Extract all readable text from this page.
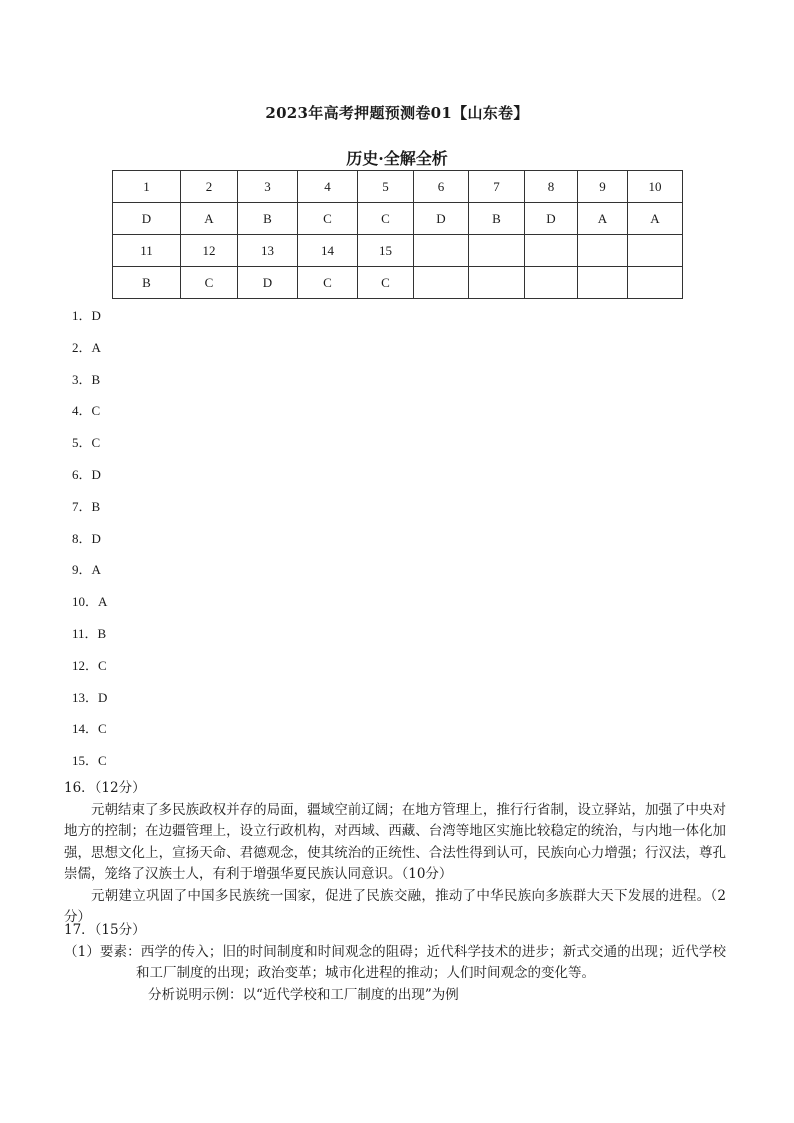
2023年高考押题预测卷01【山东卷】
历史·全解全析
1	2	3	4	5	6	7	8	9	10
D	A	B	C	C	D	B	D	A	A
11	12	13	14	15					
B	C	D	C	C					
1．D
2．A
3．B
4．C
5．C
6．D
7．B
8．D
9．A
10．A
11．B
12．C
13．D
14．C
15．C

16．（12分）

元朝结束了多民族政权并存的局面，疆域空前辽阔；在地方管理上，推行行省制，设立驿站，加强了中央对地方的控制；在边疆管理上，设立行政机构，对西域、西藏、台湾等地区实施比较稳定的统治，与内地一体化加强，思想文化上，宣扬天命、君德观念，使其统治的正统性、合法性得到认可，民族向心力增强；行汉法，尊孔崇儒，笼络了汉族士人，有利于增强华夏民族认同意识。（10分）

元朝建立巩固了中国多民族统一国家，促进了民族交融，推动了中华民族向多族群大天下发展的进程。（2分）

17．（15分）

（1）要素：西学的传入；旧的时间制度和时间观念的阻碍；近代科学技术的进步；新式交通的出现；近代学校和工厂制度的出现；政治变革；城市化进程的推动；人们时间观念的变化等。

分析说明示例：以“近代学校和工厂制度的出现”为例
